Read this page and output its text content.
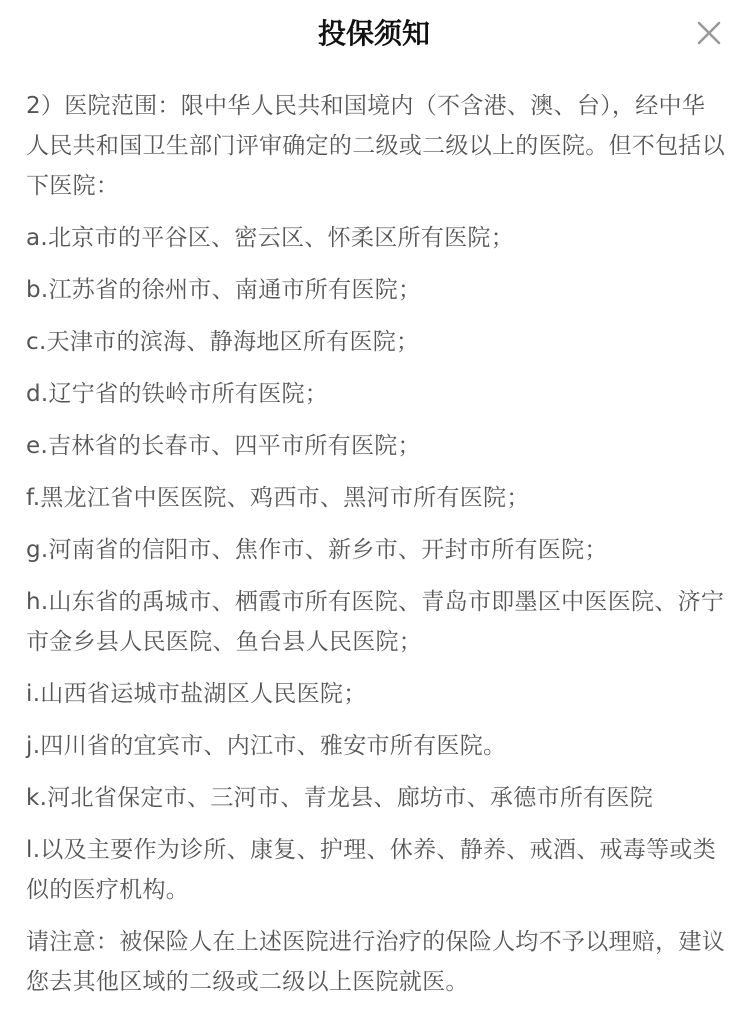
投保须知

2）医院范围：限中华人民共和国境内（不含港、澳、台），经中华人民共和国卫生部门评审确定的二级或二级以上的医院。但不包括以下医院：

a.北京市的平谷区、密云区、怀柔区所有医院；

b.江苏省的徐州市、南通市所有医院；

c.天津市的滨海、静海地区所有医院；

d.辽宁省的铁岭市所有医院；

e.吉林省的长春市、四平市所有医院；

f.黑龙江省中医医院、鸡西市、黑河市所有医院；

g.河南省的信阳市、焦作市、新乡市、开封市所有医院；

h.山东省的禹城市、栖霞市所有医院、青岛市即墨区中医医院、济宁市金乡县人民医院、鱼台县人民医院；

i.山西省运城市盐湖区人民医院；

j.四川省的宜宾市、内江市、雅安市所有医院。

k.河北省保定市、三河市、青龙县、廊坊市、承德市所有医院

l.以及主要作为诊所、康复、护理、休养、静养、戒酒、戒毒等或类似的医疗机构。

请注意：被保险人在上述医院进行治疗的保险人均不予以理赔，建议您去其他区域的二级或二级以上医院就医。
